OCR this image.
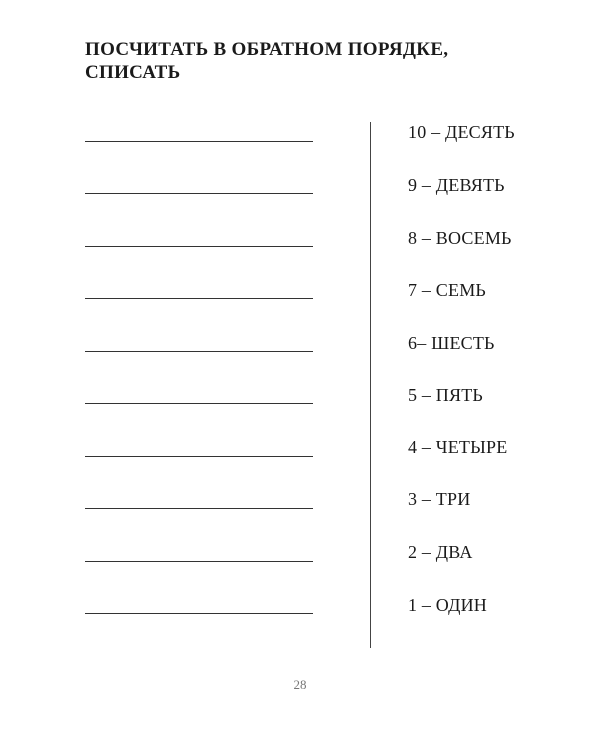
ПОСЧИТАТЬ В ОБРАТНОМ ПОРЯДКЕ,
СПИСАТЬ
10 – ДЕСЯТЬ
9 – ДЕВЯТЬ
8 – ВОСЕМЬ
7 – СЕМЬ
6– ШЕСТЬ
5 – ПЯТЬ
4 – ЧЕТЫРЕ
3 – ТРИ
2 – ДВА
1 – ОДИН
28
